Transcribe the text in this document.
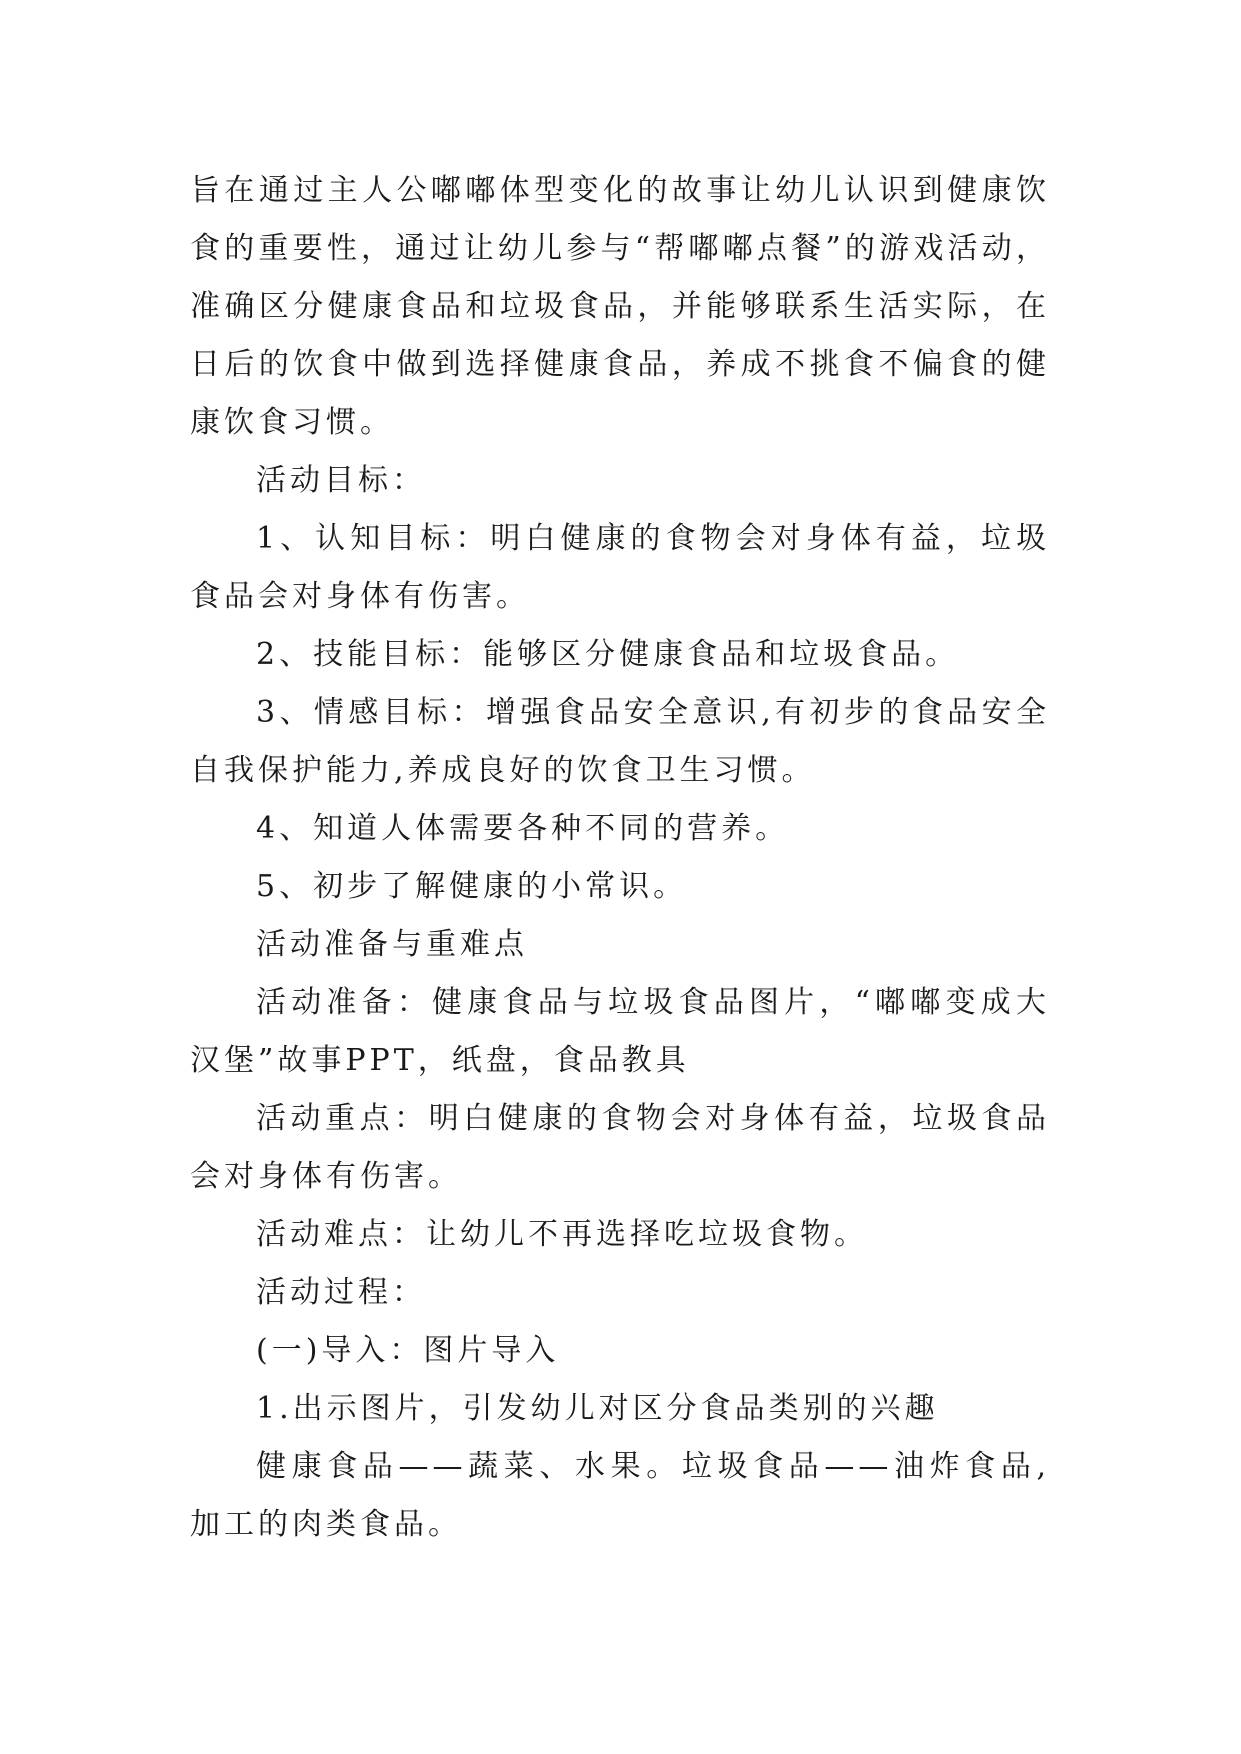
旨在通过主人公嘟嘟体型变化的故事让幼儿认识到健康饮食的重要性，通过让幼儿参与“帮嘟嘟点餐”的游戏活动，准确区分健康食品和垃圾食品，并能够联系生活实际，在日后的饮食中做到选择健康食品，养成不挑食不偏食的健康饮食习惯。

活动目标：

1、认知目标：明白健康的食物会对身体有益，垃圾食品会对身体有伤害。

2、技能目标：能够区分健康食品和垃圾食品。

3、情感目标：增强食品安全意识,有初步的食品安全自我保护能力,养成良好的饮食卫生习惯。

4、知道人体需要各种不同的营养。

5、初步了解健康的小常识。

活动准备与重难点

活动准备：健康食品与垃圾食品图片，“嘟嘟变成大汉堡”故事PPT，纸盘，食品教具

活动重点：明白健康的食物会对身体有益，垃圾食品会对身体有伤害。

活动难点：让幼儿不再选择吃垃圾食物。

活动过程：

(一)导入：图片导入

1.出示图片，引发幼儿对区分食品类别的兴趣

健康食品——蔬菜、水果。垃圾食品——油炸食品,加工的肉类食品。
